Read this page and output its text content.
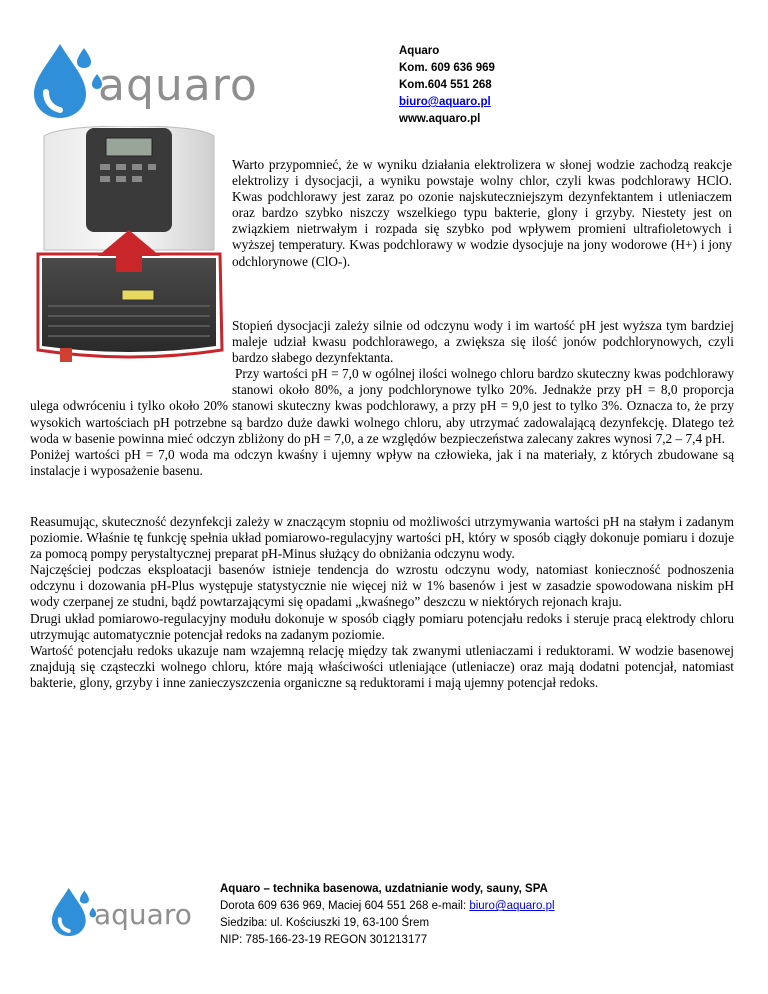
aquaro
Aquaro
Kom. 609 636 969
Kom.604 551 268
biuro@aquaro.pl
www.aquaro.pl
Warto przypomnieć, że w wyniku działania elektrolizera w słonej wodzie zachodzą reakcje elektrolizy i dysocjacji, a wyniku powstaje wolny chlor, czyli kwas podchlorawy HClO. Kwas podchlorawy jest zaraz po ozonie najskuteczniejszym dezynfektantem i utleniaczem oraz bardzo szybko niszczy wszelkiego typu bakterie, glony i grzyby. Niestety jest on związkiem nietrwałym i rozpada się szybko pod wpływem promieni ultrafioletowych i wyższej temperatury. Kwas podchlorawy w wodzie dysocjuje na jony wodorowe (H+) i jony odchlorynowe (ClO-).

Stopień dysocjacji zależy silnie od odczynu wody i im wartość pH jest wyższa tym bardziej maleje udział kwasu podchlorawego, a zwiększa się ilość jonów podchlorynowych, czyli bardzo słabego dezynfektanta.

Przy wartości pH = 7,0 w ogólnej ilości wolnego chloru bardzo skuteczny kwas podchlorawy stanowi około 80%, a jony podchlorynowe tylko 20%. Jednakże przy pH = 8,0 proporcja ulega odwróceniu i tylko około 20% stanowi skuteczny kwas podchlorawy, a przy pH = 9,0 jest to tylko 3%. Oznacza to, że przy wysokich wartościach pH potrzebne są bardzo duże dawki wolnego chloru, aby utrzymać zadowalającą dezynfekcję. Dlatego też woda w basenie powinna mieć odczyn zbliżony do pH = 7,0, a ze względów bezpieczeństwa zalecany zakres wynosi 7,2 – 7,4 pH.

Poniżej wartości pH = 7,0 woda ma odczyn kwaśny i ujemny wpływ na człowieka, jak i na materiały, z których zbudowane są instalacje i wyposażenie basenu.

Reasumując, skuteczność dezynfekcji zależy w znaczącym stopniu od możliwości utrzymywania wartości pH na stałym i zadanym poziomie. Właśnie tę funkcję spełnia układ pomiarowo-regulacyjny wartości pH, który w sposób ciągły dokonuje pomiaru i dozuje za pomocą pompy perystaltycznej preparat pH-Minus służący do obniżania odczynu wody.

Najczęściej podczas eksploatacji basenów istnieje tendencja do wzrostu odczynu wody, natomiast konieczność podnoszenia odczynu i dozowania pH-Plus występuje statystycznie nie więcej niż w 1% basenów i jest w zasadzie spowodowana niskim pH wody czerpanej ze studni, bądź powtarzającymi się opadami „kwaśnego” deszczu w niektórych rejonach kraju.

Drugi układ pomiarowo-regulacyjny modułu dokonuje w sposób ciągły pomiaru potencjału redoks i steruje pracą elektrody chloru utrzymując automatycznie potencjał redoks na zadanym poziomie.

Wartość potencjału redoks ukazuje nam wzajemną relację między tak zwanymi utleniaczami i reduktorami. W wodzie basenowej znajdują się cząsteczki wolnego chloru, które mają właściwości utleniające (utleniacze) oraz mają dodatni potencjał, natomiast bakterie, glony, grzyby i inne zanieczyszczenia organiczne są reduktorami i mają ujemny potencjał redoks.

aquaro
Aquaro – technika basenowa, uzdatnianie wody, sauny, SPA
Dorota 609 636 969, Maciej 604 551 268 e-mail: biuro@aquaro.pl
Siedziba: ul. Kościuszki 19, 63-100 Śrem
NIP: 785-166-23-19 REGON 301213177
